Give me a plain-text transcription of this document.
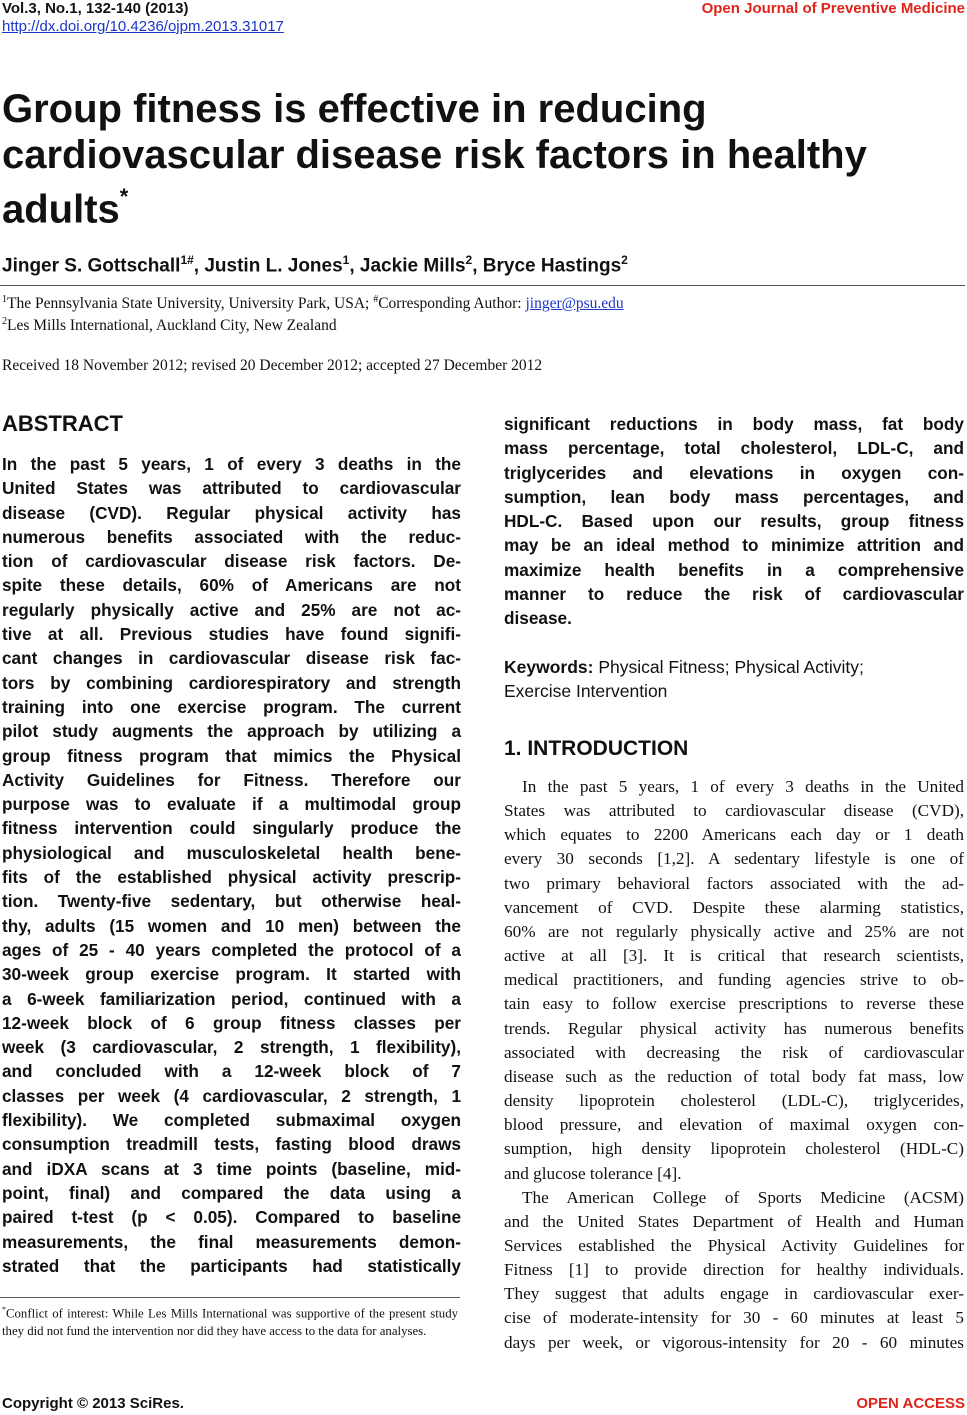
Vol.3, No.1, 132-140 (2013)
http://dx.doi.org/10.4236/ojpm.2013.31017
Open Journal of Preventive Medicine
Group fitness is effective in reducing
cardiovascular disease risk factors in healthy
adults*
Jinger S. Gottschall$^{1\#}$, Justin L. Jones$^1$, Jackie Mills$^2$, Bryce Hastings$^2$
$^1$The Pennsylvania State University, University Park, USA; #Corresponding Author: jinger@psu.edu
$^2$Les Mills International, Auckland City, New Zealand
Received 18 November 2012; revised 20 December 2012; accepted 27 December 2012
ABSTRACT

In the past 5 years, 1 of every 3 deaths in the

United States was attributed to cardiovascular

disease (CVD). Regular physical activity has

numerous benefits associated with the reduc-

tion of cardiovascular disease risk factors. De-

spite these details, 60% of Americans are not

regularly physically active and 25% are not ac-

tive at all. Previous studies have found signifi-

cant changes in cardiovascular disease risk fac-

tors by combining cardiorespiratory and strength

training into one exercise program. The current

pilot study augments the approach by utilizing a

group fitness program that mimics the Physical

Activity Guidelines for Fitness. Therefore our

purpose was to evaluate if a multimodal group

fitness intervention could singularly produce the

physiological and musculoskeletal health bene-

fits of the established physical activity prescrip-

tion. Twenty-five sedentary, but otherwise heal-

thy, adults (15 women and 10 men) between the

ages of 25 - 40 years completed the protocol of a

30-week group exercise program. It started with

a 6-week familiarization period, continued with a

12-week block of 6 group fitness classes per

week (3 cardiovascular, 2 strength, 1 flexibility),

and concluded with a 12-week block of 7

classes per week (4 cardiovascular, 2 strength, 1

flexibility). We completed submaximal oxygen

consumption treadmill tests, fasting blood draws

and iDXA scans at 3 time points (baseline, mid-

point, final) and compared the data using a

paired t-test (p < 0.05). Compared to baseline

measurements, the final measurements demon-

strated that the participants had statistically

significant reductions in body mass, fat body

mass percentage, total cholesterol, LDL-C, and

triglycerides and elevations in oxygen con-

sumption, lean body mass percentages, and

HDL-C. Based upon our results, group fitness

may be an ideal method to minimize attrition and

maximize health benefits in a comprehensive

manner to reduce the risk of cardiovascular

disease.

*Conflict of interest: While Les Mills International was supportive of the present study they did not fund the intervention nor did they have access to the data for analyses.
Keywords: Physical Fitness; Physical Activity;
Exercise Intervention
1. INTRODUCTION

In the past 5 years, 1 of every 3 deaths in the United

States was attributed to cardiovascular disease (CVD),

which equates to 2200 Americans each day or 1 death

every 30 seconds [1,2]. A sedentary lifestyle is one of

two primary behavioral factors associated with the ad-

vancement of CVD. Despite these alarming statistics,

60% are not regularly physically active and 25% are not

active at all [3]. It is critical that research scientists,

medical practitioners, and funding agencies strive to ob-

tain easy to follow exercise prescriptions to reverse these

trends. Regular physical activity has numerous benefits

associated with decreasing the risk of cardiovascular

disease such as the reduction of total body fat mass, low

density lipoprotein cholesterol (LDL-C), triglycerides,

blood pressure, and elevation of maximal oxygen con-

sumption, high density lipoprotein cholesterol (HDL-C)

and glucose tolerance [4].

The American College of Sports Medicine (ACSM)

and the United States Department of Health and Human

Services established the Physical Activity Guidelines for

Fitness [1] to provide direction for healthy individuals.

They suggest that adults engage in cardiovascular exer-

cise of moderate-intensity for 30 - 60 minutes at least 5

days per week, or vigorous-intensity for 20 - 60 minutes

Copyright © 2013 SciRes.	OPEN ACCESS
